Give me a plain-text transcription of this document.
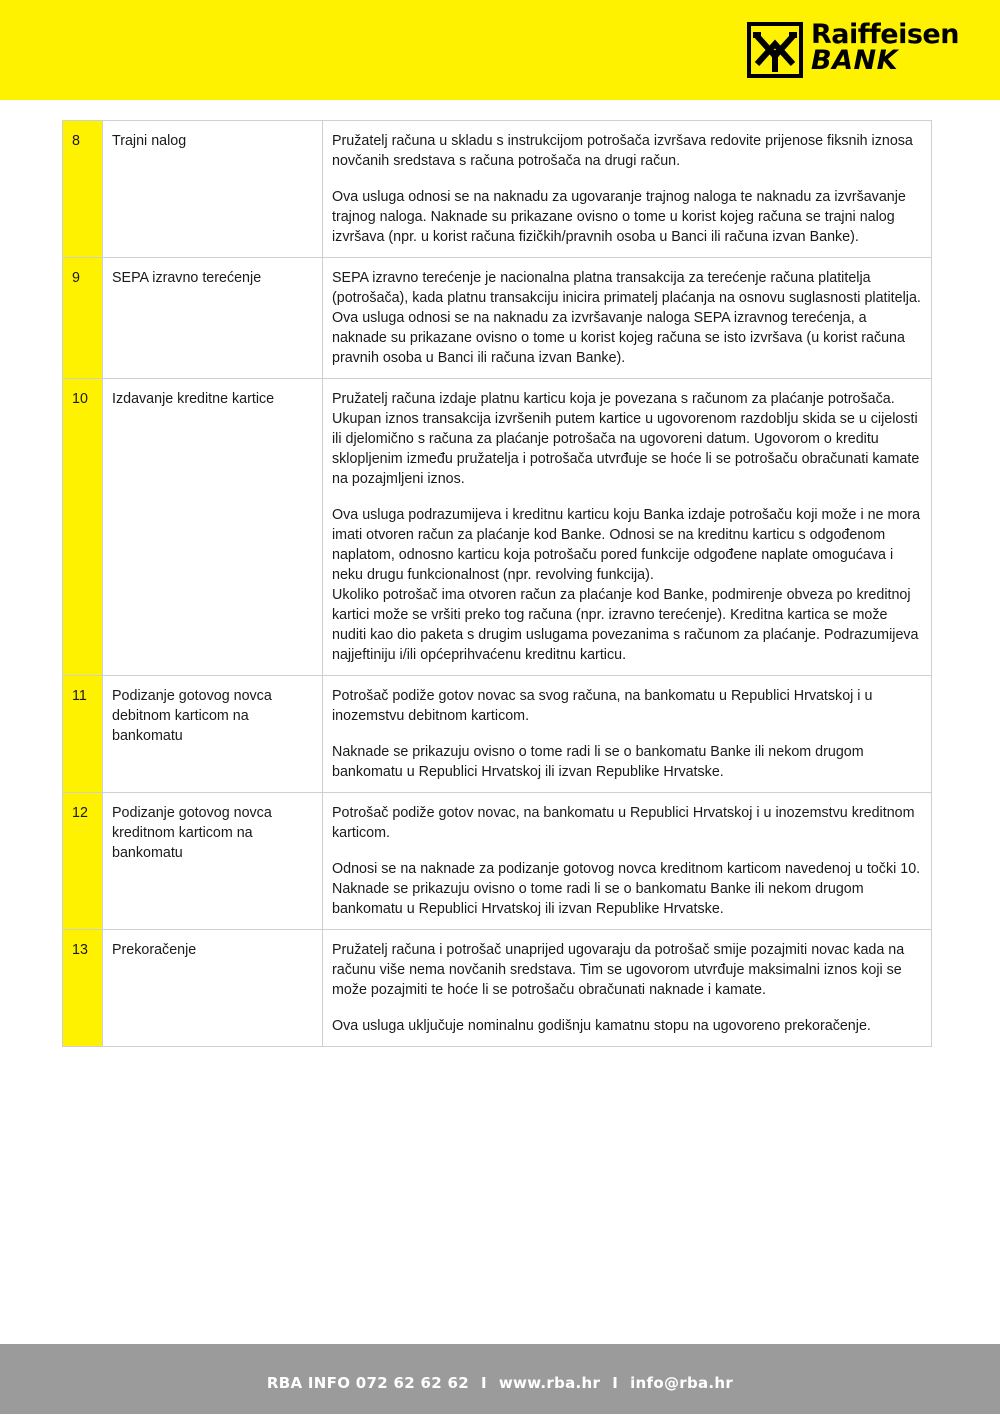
Raiffeisen
BANK
8	Trajni nalog	Pružatelj računa u skladu s instrukcijom potrošača izvršava redovite prijenose fiksnih iznosa novčanih sredstava s računa potrošača na drugi račun.

Ova usluga odnosi se na naknadu za ugovaranje trajnog naloga te naknadu za izvršavanje trajnog naloga. Naknade su prikazane ovisno o tome u korist kojeg računa se trajni nalog izvršava (npr. u korist računa fizičkih/pravnih osoba u Banci ili računa izvan Banke).

9	SEPA izravno terećenje	SEPA izravno terećenje je nacionalna platna transakcija za terećenje računa platitelja (potrošača), kada platnu transakciju inicira primatelj plaćanja na osnovu suglasnosti platitelja.

Ova usluga odnosi se na naknadu za izvršavanje naloga SEPA izravnog terećenja, a naknade su prikazane ovisno o tome u korist kojeg računa se isto izvršava (u korist računa pravnih osoba u Banci ili računa izvan Banke).

10	Izdavanje kreditne kartice	Pružatelj računa izdaje platnu karticu koja je povezana s računom za plaćanje potrošača. Ukupan iznos transakcija izvršenih putem kartice u ugovorenom razdoblju skida se u cijelosti ili djelomično s računa za plaćanje potrošača na ugovoreni datum. Ugovorom o kreditu sklopljenim između pružatelja i potrošača utvrđuje se hoće li se potrošaču obračunati kamate na pozajmljeni iznos.

Ova usluga podrazumijeva i kreditnu karticu koju Banka izdaje potrošaču koji može i ne mora imati otvoren račun za plaćanje kod Banke. Odnosi se na kreditnu karticu s odgođenom naplatom, odnosno karticu koja potrošaču pored funkcije odgođene naplate omogućava i neku drugu funkcionalnost (npr. revolving funkcija).

Ukoliko potrošač ima otvoren račun za plaćanje kod Banke, podmirenje obveza po kreditnoj kartici može se vršiti preko tog računa (npr. izravno terećenje). Kreditna kartica se može nuditi kao dio paketa s drugim uslugama povezanima s računom za plaćanje. Podrazumijeva najjeftiniju i/ili općeprihvaćenu kreditnu karticu.

11	Podizanje gotovog novca debitnom karticom na bankomatu	Potrošač podiže gotov novac sa svog računa, na bankomatu u Republici Hrvatskoj i u inozemstvu debitnom karticom.

Naknade se prikazuju ovisno o tome radi li se o bankomatu Banke ili nekom drugom bankomatu u Republici Hrvatskoj ili izvan Republike Hrvatske.

12	Podizanje gotovog novca kreditnom karticom na bankomatu	Potrošač podiže gotov novac, na bankomatu u Republici Hrvatskoj i u inozemstvu kreditnom karticom.

Odnosi se na naknade za podizanje gotovog novca kreditnom karticom navedenoj u točki 10. Naknade se prikazuju ovisno o tome radi li se o bankomatu Banke ili nekom drugom bankomatu u Republici Hrvatskoj ili izvan Republike Hrvatske.

13	Prekoračenje	Pružatelj računa i potrošač unaprijed ugovaraju da potrošač smije pozajmiti novac kada na računu više nema novčanih sredstava. Tim se ugovorom utvrđuje maksimalni iznos koji se može pozajmiti te hoće li se potrošaču obračunati naknade i kamate.

Ova usluga uključuje nominalnu godišnju kamatnu stopu na ugovoreno prekoračenje.

RBA INFO 072 62 62 62 I www.rba.hr I info@rba.hr
